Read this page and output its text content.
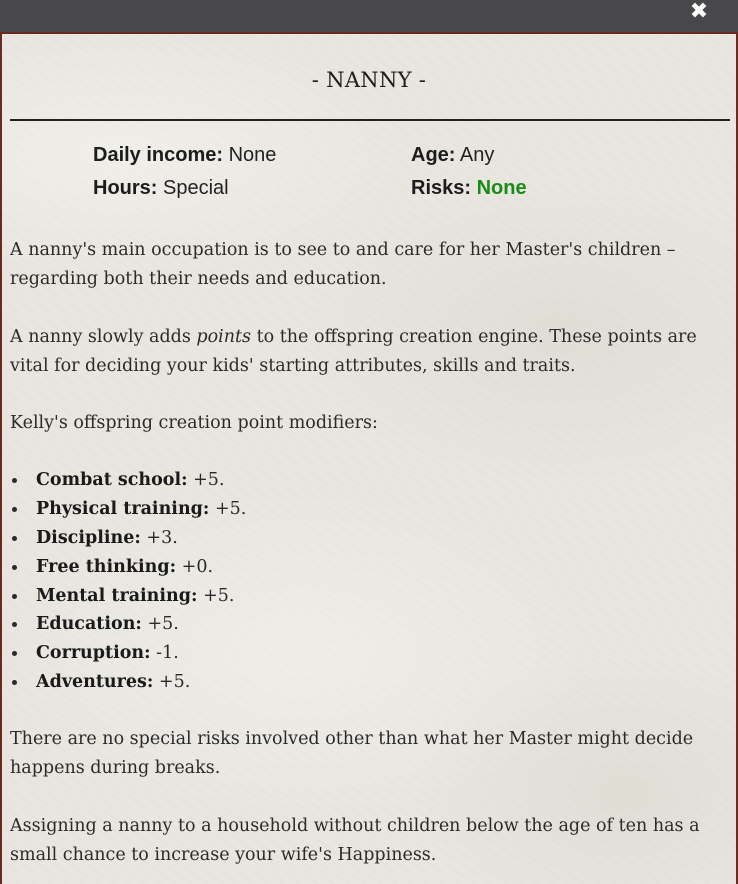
✖
- NANNY -
Daily income: None	Age: Any
Hours: Special	Risks: None
A nanny's main occupation is to see to and care for her Master's children – regarding both their needs and education.
A nanny slowly adds points to the offspring creation engine. These points are vital for deciding your kids' starting attributes, skills and traits.
Kelly's offspring creation point modifiers:
Combat school: +5.
Physical training: +5.
Discipline: +3.
Free thinking: +0.
Mental training: +5.
Education: +5.
Corruption: -1.
Adventures: +5.
There are no special risks involved other than what her Master might decide happens during breaks.
Assigning a nanny to a household without children below the age of ten has a small chance to increase your wife's Happiness.
